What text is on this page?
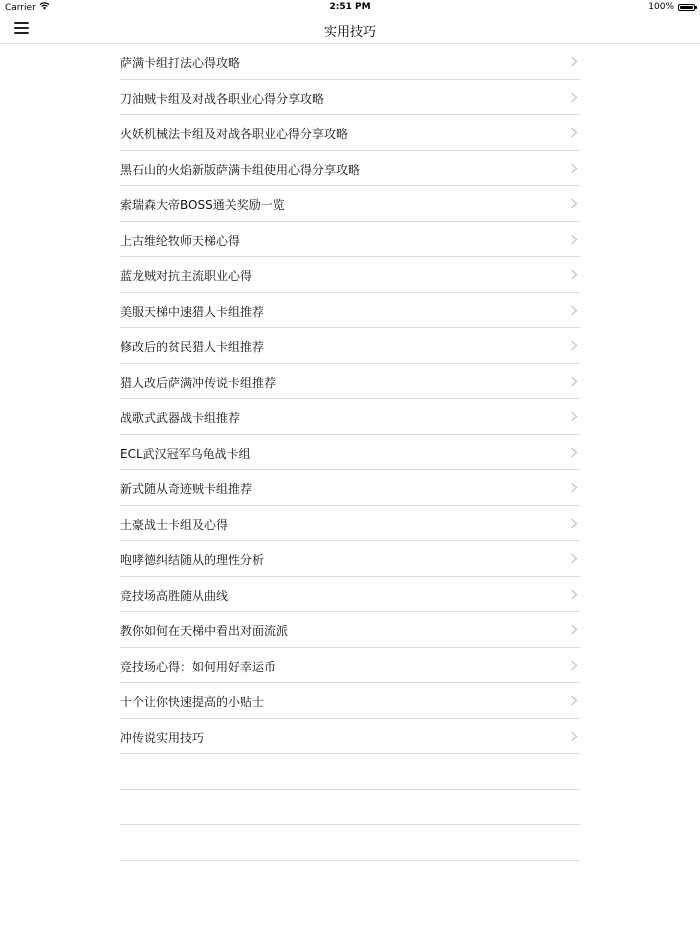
Carrier	2:51 PM	100%
实用技巧
萨满卡组打法心得攻略
刀油贼卡组及对战各职业心得分享攻略
火妖机械法卡组及对战各职业心得分享攻略
黑石山的火焰新版萨满卡组使用心得分享攻略
索瑞森大帝BOSS通关奖励一览
上古维纶牧师天梯心得
蓝龙贼对抗主流职业心得
美服天梯中速猎人卡组推荐
修改后的贫民猎人卡组推荐
猎人改后萨满冲传说卡组推荐
战歌式武器战卡组推荐
ECL武汉冠军乌龟战卡组
新式随从奇迹贼卡组推荐
土豪战士卡组及心得
咆哮德纠结随从的理性分析
竞技场高胜随从曲线
教你如何在天梯中看出对面流派
竞技场心得：如何用好幸运币
十个让你快速提高的小贴士
冲传说实用技巧
